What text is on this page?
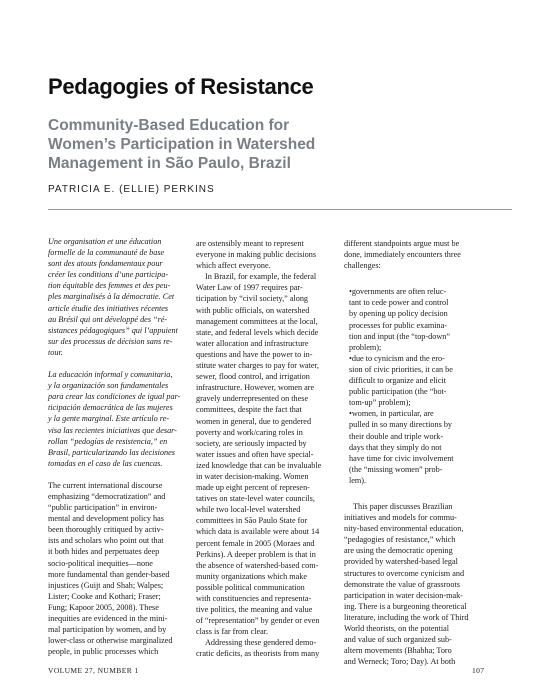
Pedagogies of Resistance
Community-Based Education for
Women’s Participation in Watershed
Management in São Paulo, Brazil
PATRICIA E. (ELLIE) PERKINS

Une organisation et une éducation
formelle de la communauté de base
sont des atouts fondamentaux pour
créer les conditions d’une participa-
tion équitable des femmes et des peu-
ples marginalisés à la démocratie. Cet
article étudie des initiatives récentes
au Brésil qui ont développé des “ré-
sistances pédagogiques” qui l’appuient
sur des processus de décision sans re-
tour.

La educación informal y comunitaria,
y la organización son fundamentales
para crear las condiciones de igual par-
ticipación democrática de las mujeres
y la gente marginal. Este artículo re-
visa las recientes iniciativas que desar-
rollan “pedogías de resistencia,” en
Brasil, particularizando las decisiones
tomadas en el caso de las cuencas.

The current international discourse
emphasizing “democratization” and
“public participation” in environ-
mental and development policy has
been thoroughly critiqued by activ-
ists and scholars who point out that
it both hides and perpetuates deep
socio-political inequities—none
more fundamental than gender-based
injustices (Guijt and Shah; Walpes;
Lister; Cooke and Kothari; Fraser;
Fung; Kapoor 2005, 2008). These
inequities are evidenced in the mini-
mal participation by women, and by
lower-class or otherwise marginalized
people, in public processes which

are ostensibly meant to represent
everyone in making public decisions
which affect everyone.

In Brazil, for example, the federal
Water Law of 1997 requires par-
ticipation by “civil society,” along
with public officials, on watershed
management committees at the local,
state, and federal levels which decide
water allocation and infrastructure
questions and have the power to in-
stitute water charges to pay for water,
sewer, flood control, and irrigation
infrastructure. However, women are
gravely underrepresented on these
committees, despite the fact that
women in general, due to gendered
poverty and work/caring roles in
society, are seriously impacted by
water issues and often have special-
ized knowledge that can be invaluable
in water decision-making. Women
made up eight percent of represen-
tatives on state-level water councils,
while two local-level watershed
committees in São Paulo State for
which data is available were about 14
percent female in 2005 (Moraes and
Perkins). A deeper problem is that in
the absence of watershed-based com-
munity organizations which make
possible political communication
with constituencies and representa-
tive politics, the meaning and value
of “representation” by gender or even
class is far from clear.

Addressing these gendered demo-
cratic deficits, as theorists from many

different standpoints argue must be
done, immediately encounters three
challenges:

•governments are often reluc-
tant to cede power and control
by opening up policy decision
processes for public examina-
tion and input (the “top-down”
problem);

•due to cynicism and the ero-
sion of civic priorities, it can be
difficult to organize and elicit
public participation (the “bot-
tom-up” problem);

•women, in particular, are
pulled in so many directions by
their double and triple work-
days that they simply do not
have time for civic involvement
(the “missing women” prob-
lem).

This paper discusses Brazilian
initiatives and models for commu-
nity-based environmental education,
“pedagogies of resistance,” which
are using the democratic opening
provided by watershed-based legal
structures to overcome cynicism and
demonstrate the value of grassroots
participation in water decision-mak-
ing. There is a burgeoning theoretical
literature, including the work of Third
World theorists, on the potential
and value of such organized sub-
altern movements (Bhabha; Toro
and Werneck; Toro; Day). At both

VOLUME 27, NUMBER 1	107
